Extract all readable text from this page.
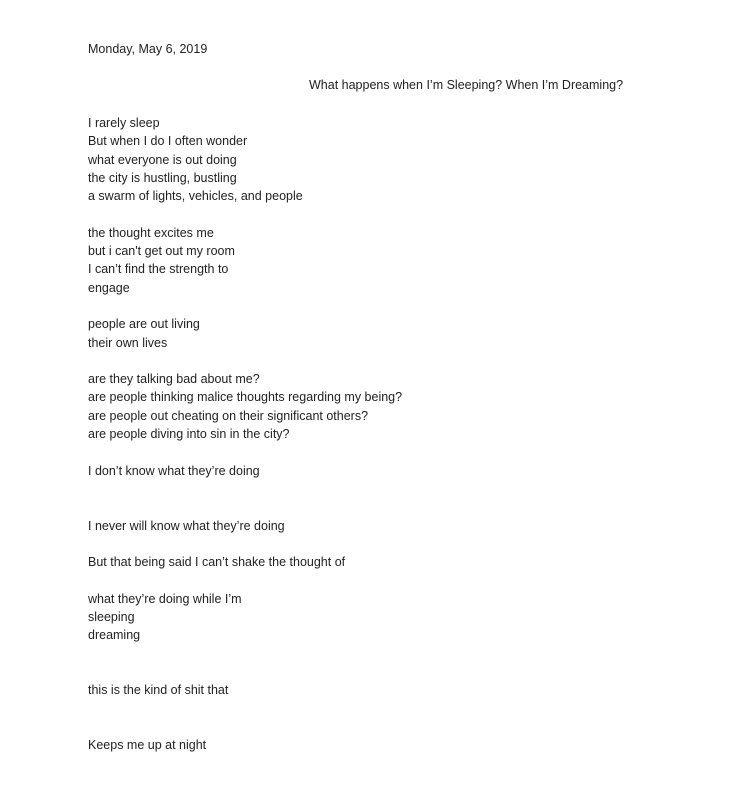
Monday, May 6, 2019
What happens when I’m Sleeping? When I’m Dreaming?
I rarely sleep
But when I do I often wonder
what everyone is out doing
the city is hustling, bustling
a swarm of lights, vehicles, and people
the thought excites me
but i can't get out my room
I can’t find the strength to
engage
people are out living
their own lives
are they talking bad about me?
are people thinking malice thoughts regarding my being?
are people out cheating on their significant others?
are people diving into sin in the city?
I don’t know what they’re doing
I never will know what they’re doing
But that being said I can’t shake the thought of
what they’re doing while I’m
sleeping
dreaming
this is the kind of shit that
Keeps me up at night
